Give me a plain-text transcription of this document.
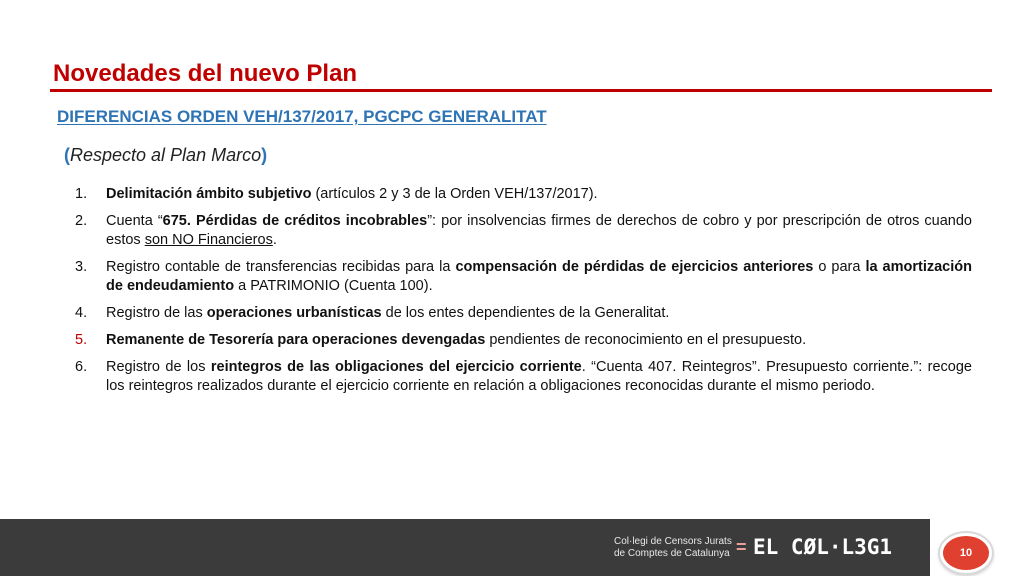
Novedades del nuevo Plan
DIFERENCIAS ORDEN VEH/137/2017, PGCPC GENERALITAT
(Respecto al Plan Marco)
1.	Delimitación ámbito subjetivo (artículos 2 y 3 de la Orden VEH/137/2017).
2.	Cuenta “675. Pérdidas de créditos incobrables”: por insolvencias firmes de derechos de cobro y por prescripción de otros cuando estos son NO Financieros.
3.	Registro contable de transferencias recibidas para la compensación de pérdidas de ejercicios anteriores o para la amortización de endeudamiento a PATRIMONIO (Cuenta 100).
4.	Registro de las operaciones urbanísticas de los entes dependientes de la Generalitat.
5.	Remanente de Tesorería para operaciones devengadas pendientes de reconocimiento en el presupuesto.
6.	Registro de los reintegros de las obligaciones del ejercicio corriente. “Cuenta 407. Reintegros”. Presupuesto corriente.”: recoge los reintegros realizados durante el ejercicio corriente en relación a obligaciones reconocidas durante el mismo periodo.
Col·legi de Censors Jurats
de Comptes de Catalunya = EL CØL·L3G1	10
